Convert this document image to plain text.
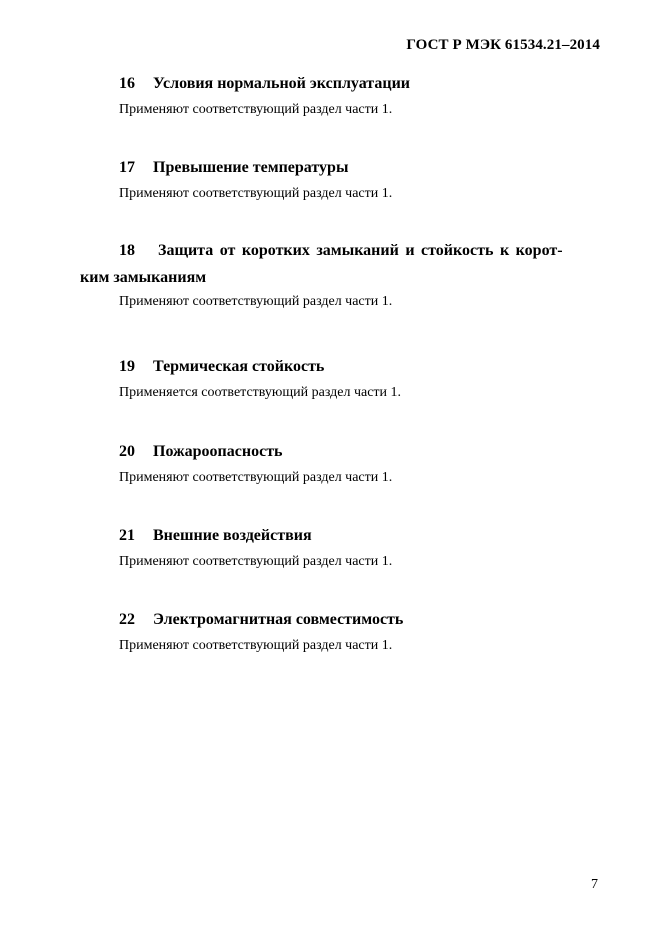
ГОСТ Р МЭК 61534.21–2014

16 Условия нормальной эксплуатации

Применяют соответствующий раздел части 1.

17 Превышение температуры

Применяют соответствующий раздел части 1.

18 Защита от коротких замыканий и стойкость к корот-

ким замыканиям

Применяют соответствующий раздел части 1.

19 Термическая стойкость

Применяется соответствующий раздел части 1.

20 Пожароопасность

Применяют соответствующий раздел части 1.

21 Внешние воздействия

Применяют соответствующий раздел части 1.

22 Электромагнитная совместимость

Применяют соответствующий раздел части 1.

7
